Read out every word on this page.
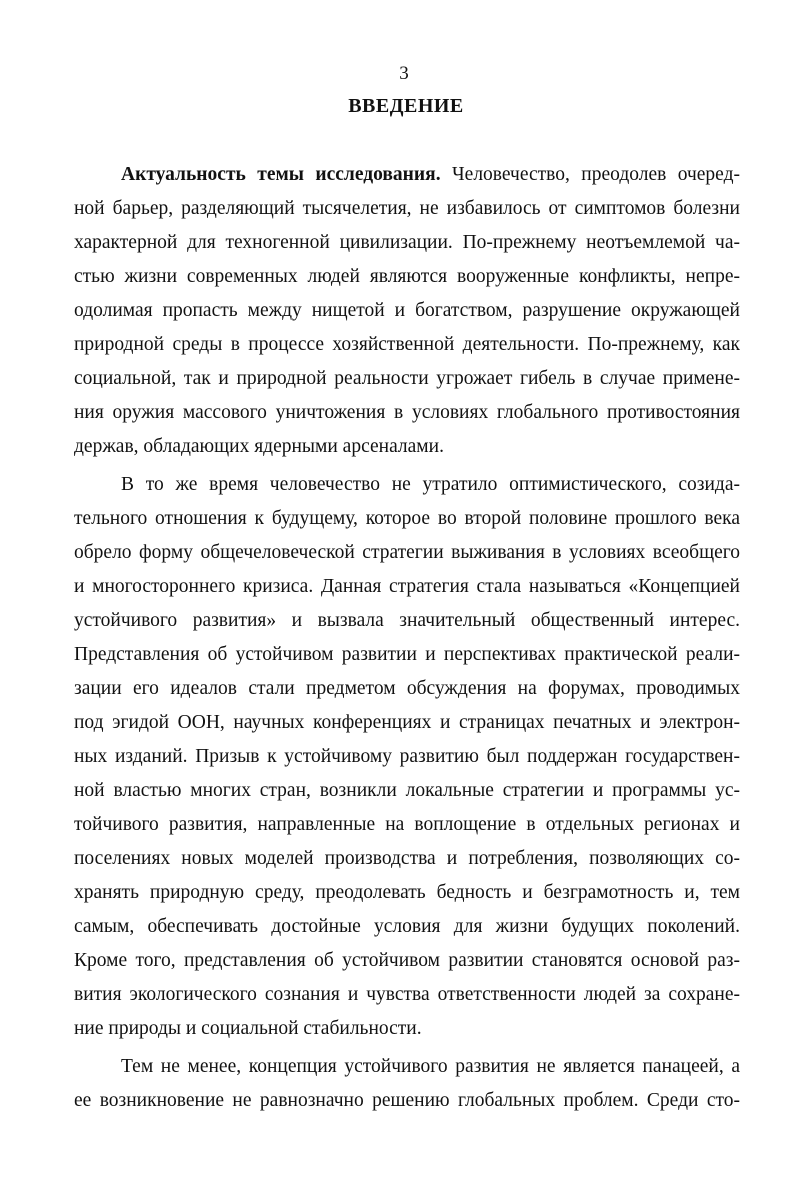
3
ВВЕДЕНИЕ
Актуальность темы исследования. Человечество, преодолев очеред-
ной барьер, разделяющий тысячелетия, не избавилось от симптомов болезни
характерной для техногенной цивилизации. По-прежнему неотъемлемой ча-
стью жизни современных людей являются вооруженные конфликты, непре-
одолимая пропасть между нищетой и богатством, разрушение окружающей
природной среды в процессе хозяйственной деятельности. По-прежнему, как
социальной, так и природной реальности угрожает гибель в случае примене-
ния оружия массового уничтожения в условиях глобального противостояния
держав, обладающих ядерными арсеналами.
В то же время человечество не утратило оптимистического, созида-
тельного отношения к будущему, которое во второй половине прошлого века
обрело форму общечеловеческой стратегии выживания в условиях всеобщего
и многостороннего кризиса. Данная стратегия стала называться «Концепцией
устойчивого развития» и вызвала значительный общественный интерес.
Представления об устойчивом развитии и перспективах практической реали-
зации его идеалов стали предметом обсуждения на форумах, проводимых
под эгидой ООН, научных конференциях и страницах печатных и электрон-
ных изданий. Призыв к устойчивому развитию был поддержан государствен-
ной властью многих стран, возникли локальные стратегии и программы ус-
тойчивого развития, направленные на воплощение в отдельных регионах и
поселениях новых моделей производства и потребления, позволяющих со-
хранять природную среду, преодолевать бедность и безграмотность и, тем
самым, обеспечивать достойные условия для жизни будущих поколений.
Кроме того, представления об устойчивом развитии становятся основой раз-
вития экологического сознания и чувства ответственности людей за сохране-
ние природы и социальной стабильности.
Тем не менее, концепция устойчивого развития не является панацеей, а
ее возникновение не равнозначно решению глобальных проблем. Среди сто-
